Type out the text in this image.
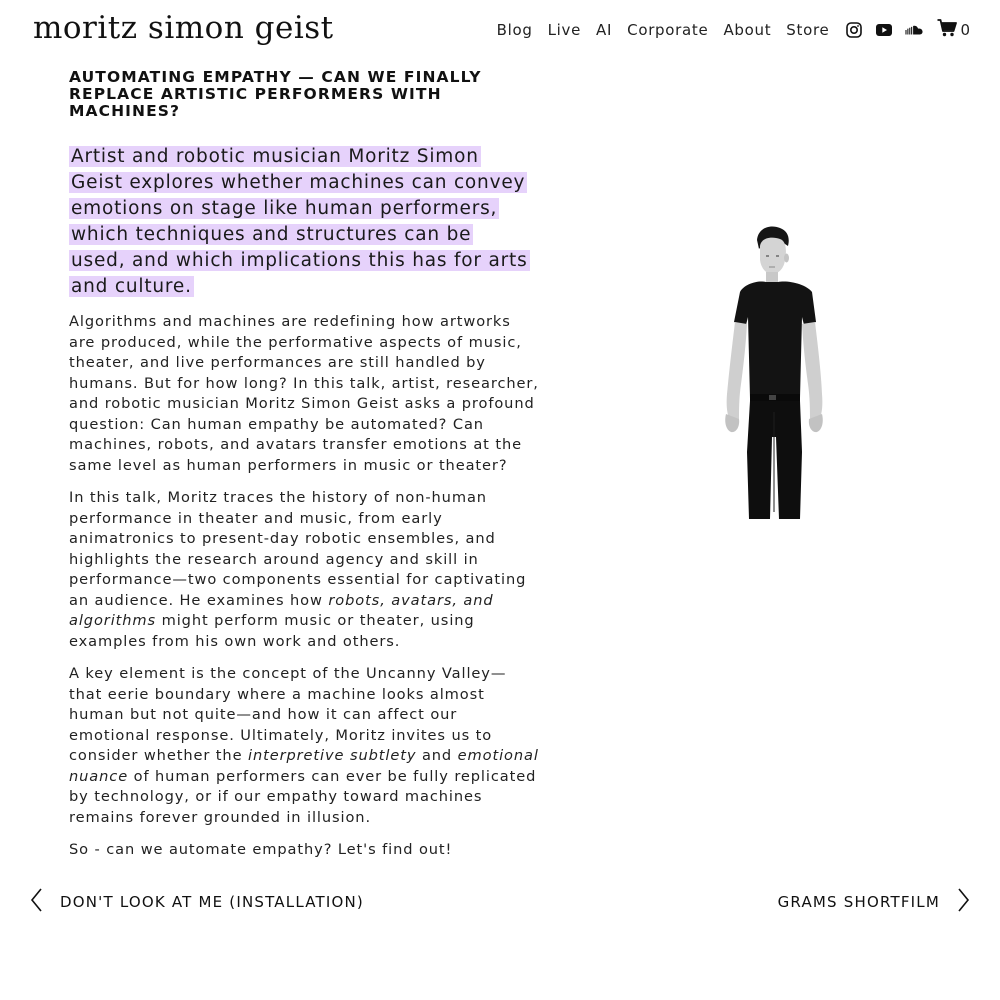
moritz simon geist	Blog Live AI Corporate About Store	0
AUTOMATING EMPATHY — CAN WE FINALLY REPLACE ARTISTIC PERFORMERS WITH MACHINES?

Artist and robotic musician Moritz Simon Geist explores whether machines can convey emotions on stage like human performers, which techniques and structures can be used, and which implications this has for arts and culture.

Algorithms and machines are redefining how artworks are produced, while the performative aspects of music, theater, and live performances are still handled by humans. But for how long? In this talk, artist, researcher, and robotic musician Moritz Simon Geist asks a profound question: Can human empathy be automated? Can machines, robots, and avatars transfer emotions at the same level as human performers in music or theater?

In this talk, Moritz traces the history of non-human performance in theater and music, from early animatronics to present-day robotic ensembles, and highlights the research around agency and skill in performance—two components essential for captivating an audience. He examines how robots, avatars, and algorithms might perform music or theater, using examples from his own work and others.

A key element is the concept of the Uncanny Valley—that eerie boundary where a machine looks almost human but not quite—and how it can affect our emotional response. Ultimately, Moritz invites us to consider whether the interpretive subtlety and emotional nuance of human performers can ever be fully replicated by technology, or if our empathy toward machines remains forever grounded in illusion.

So - can we automate empathy? Let's find out!

DON'T LOOK AT ME (INSTALLATION)	GRAMS SHORTFILM
